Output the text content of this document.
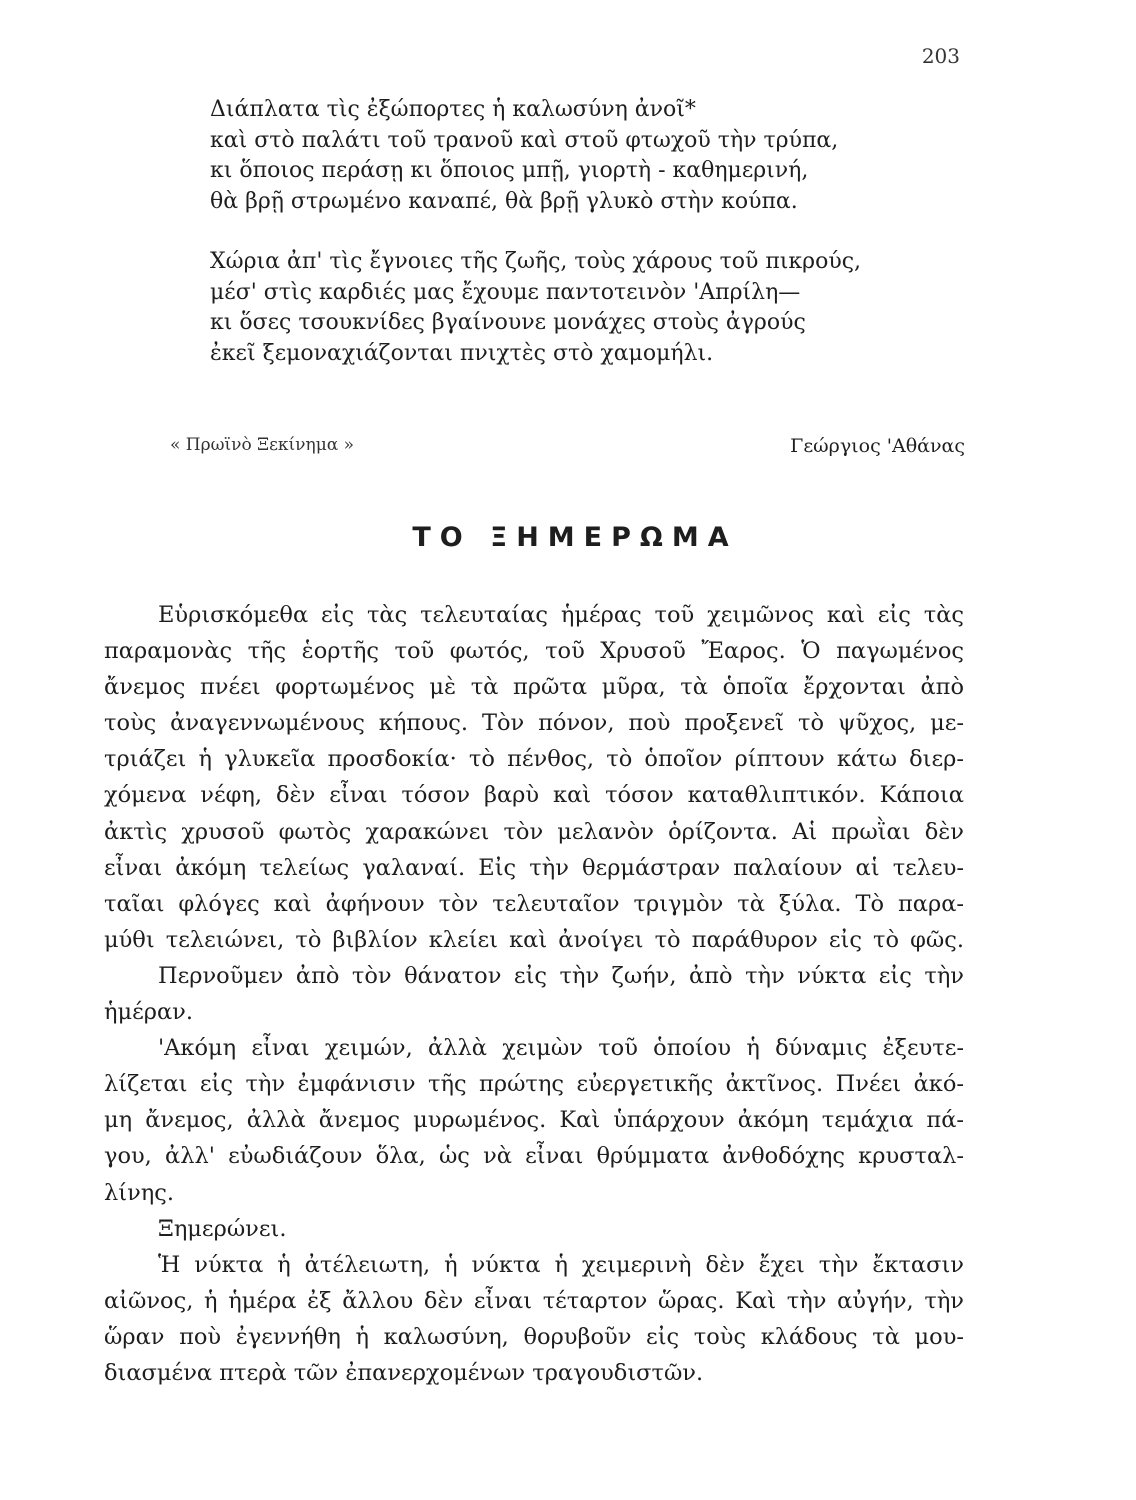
203
Διάπλατα τὶς ἐξώπορτες ἡ καλωσύνη ἀνοῖ*
καὶ στὸ παλάτι τοῦ τρανοῦ καὶ στοῦ φτωχοῦ τὴν τρύπα,
κι ὅποιος περάσῃ κι ὅποιος μπῇ, γιορτὴ - καθημερινή,
θὰ βρῇ στρωμένο καναπέ, θὰ βρῇ γλυκὸ στὴν κούπα.
Χώρια ἀπ' τὶς ἔγνοιες τῆς ζωῆς, τοὺς χάρους τοῦ πικρούς,
μέσ' στὶς καρδιές μας ἔχουμε παντοτεινὸν 'Απρίλη—
κι ὅσες τσουκνίδες βγαίνουνε μονάχες στοὺς ἀγρούς
ἐκεῖ ξεμοναχιάζονται πνιχτὲς στὸ χαμομήλι.
« Πρωϊνὸ Ξεκίνημα »	Γεώργιος 'Αθάνας
ΤΟ ΞΗΜΕΡΩΜΑ
Εὑρισκόμεθα εἰς τὰς τελευταίας ἡμέρας τοῦ χειμῶνος καὶ εἰς τὰς
παραμονὰς τῆς ἑορτῆς τοῦ φωτός, τοῦ Χρυσοῦ Ἔαρος. Ὁ παγωμένος
ἄνεμος πνέει φορτωμένος μὲ τὰ πρῶτα μῦρα, τὰ ὁποῖα ἔρχονται ἀπὸ
τοὺς ἀναγεννωμένους κήπους. Τὸν πόνον, ποὺ προξενεῖ τὸ ψῦχος, με-
τριάζει ἡ γλυκεῖα προσδοκία· τὸ πένθος, τὸ ὁποῖον ρίπτουν κάτω διερ-
χόμενα νέφη, δὲν εἶναι τόσον βαρὺ καὶ τόσον καταθλιπτικόν. Κάποια
ἀκτὶς χρυσοῦ φωτὸς χαρακώνει τὸν μελανὸν ὁρίζοντα. Αἱ πρωῒαι δὲν
εἶναι ἀκόμη τελείως γαλαναί. Εἰς τὴν θερμάστραν παλαίουν αἱ τελευ-
ταῖαι φλόγες καὶ ἀφήνουν τὸν τελευταῖον τριγμὸν τὰ ξύλα. Τὸ παρα-
μύθι τελειώνει, τὸ βιβλίον κλείει καὶ ἀνοίγει τὸ παράθυρον εἰς τὸ φῶς.
Περνοῦμεν ἀπὸ τὸν θάνατον εἰς τὴν ζωήν, ἀπὸ τὴν νύκτα εἰς τὴν
ἡμέραν.
'Ακόμη εἶναι χειμών, ἀλλὰ χειμὼν τοῦ ὁποίου ἡ δύναμις ἐξευτε-
λίζεται εἰς τὴν ἐμφάνισιν τῆς πρώτης εὐεργετικῆς ἀκτῖνος. Πνέει ἀκό-
μη ἄνεμος, ἀλλὰ ἄνεμος μυρωμένος. Καὶ ὑπάρχουν ἀκόμη τεμάχια πά-
γου, ἀλλ' εὐωδιάζουν ὅλα, ὡς νὰ εἶναι θρύμματα ἀνθοδόχης κρυσταλ-
λίνης.
Ξημερώνει.
Ἡ νύκτα ἡ ἀτέλειωτη, ἡ νύκτα ἡ χειμερινὴ δὲν ἔχει τὴν ἔκτασιν
αἰῶνος, ἡ ἡμέρα ἐξ ἄλλου δὲν εἶναι τέταρτον ὥρας. Καὶ τὴν αὐγήν, τὴν
ὥραν ποὺ ἐγεννήθη ἡ καλωσύνη, θορυβοῦν εἰς τοὺς κλάδους τὰ μου-
διασμένα πτερὰ τῶν ἐπανερχομένων τραγουδιστῶν.
